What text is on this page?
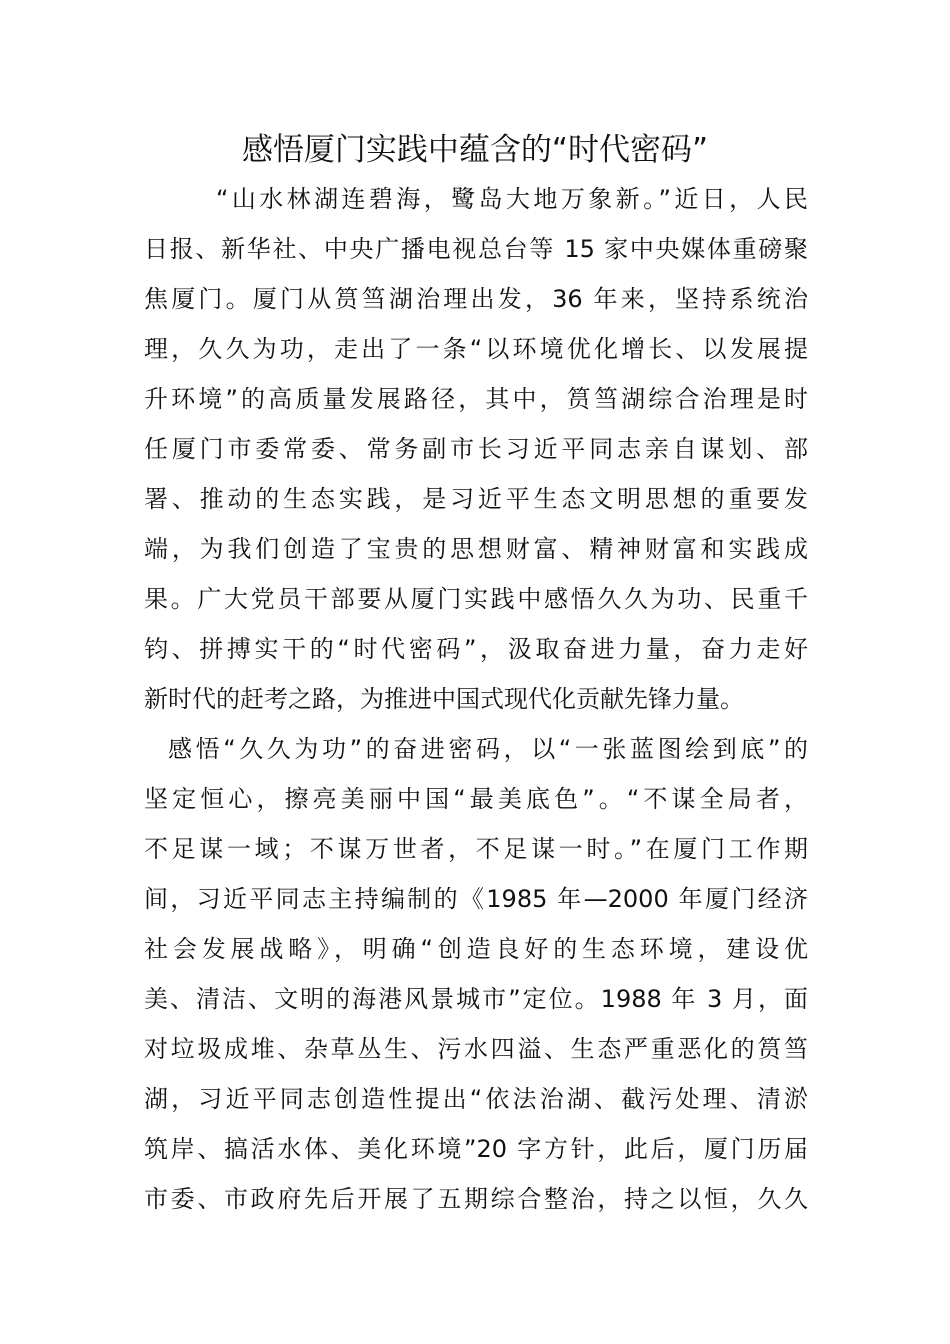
感悟厦门实践中蕴含的“时代密码”
“山水林湖连碧海，鹭岛大地万象新。”近日，人民
日报、新华社、中央广播电视总台等 15 家中央媒体重磅聚
焦厦门。厦门从筼筜湖治理出发，36 年来，坚持系统治
理，久久为功，走出了一条“以环境优化增长、以发展提
升环境”的高质量发展路径，其中，筼筜湖综合治理是时
任厦门市委常委、常务副市长习近平同志亲自谋划、部
署、推动的生态实践，是习近平生态文明思想的重要发
端，为我们创造了宝贵的思想财富、精神财富和实践成
果。广大党员干部要从厦门实践中感悟久久为功、民重千
钧、拼搏实干的“时代密码”，汲取奋进力量，奋力走好
新时代的赶考之路，为推进中国式现代化贡献先锋力量。
感悟“久久为功”的奋进密码，以“一张蓝图绘到底”的
坚定恒心，擦亮美丽中国“最美底色”。“不谋全局者，
不足谋一域；不谋万世者，不足谋一时。”在厦门工作期
间，习近平同志主持编制的《1985 年—2000 年厦门经济
社会发展战略》，明确“创造良好的生态环境，建设优
美、清洁、文明的海港风景城市”定位。1988 年 3 月，面
对垃圾成堆、杂草丛生、污水四溢、生态严重恶化的筼筜
湖，习近平同志创造性提出“依法治湖、截污处理、清淤
筑岸、搞活水体、美化环境”20 字方针，此后，厦门历届
市委、市政府先后开展了五期综合整治，持之以恒，久久
